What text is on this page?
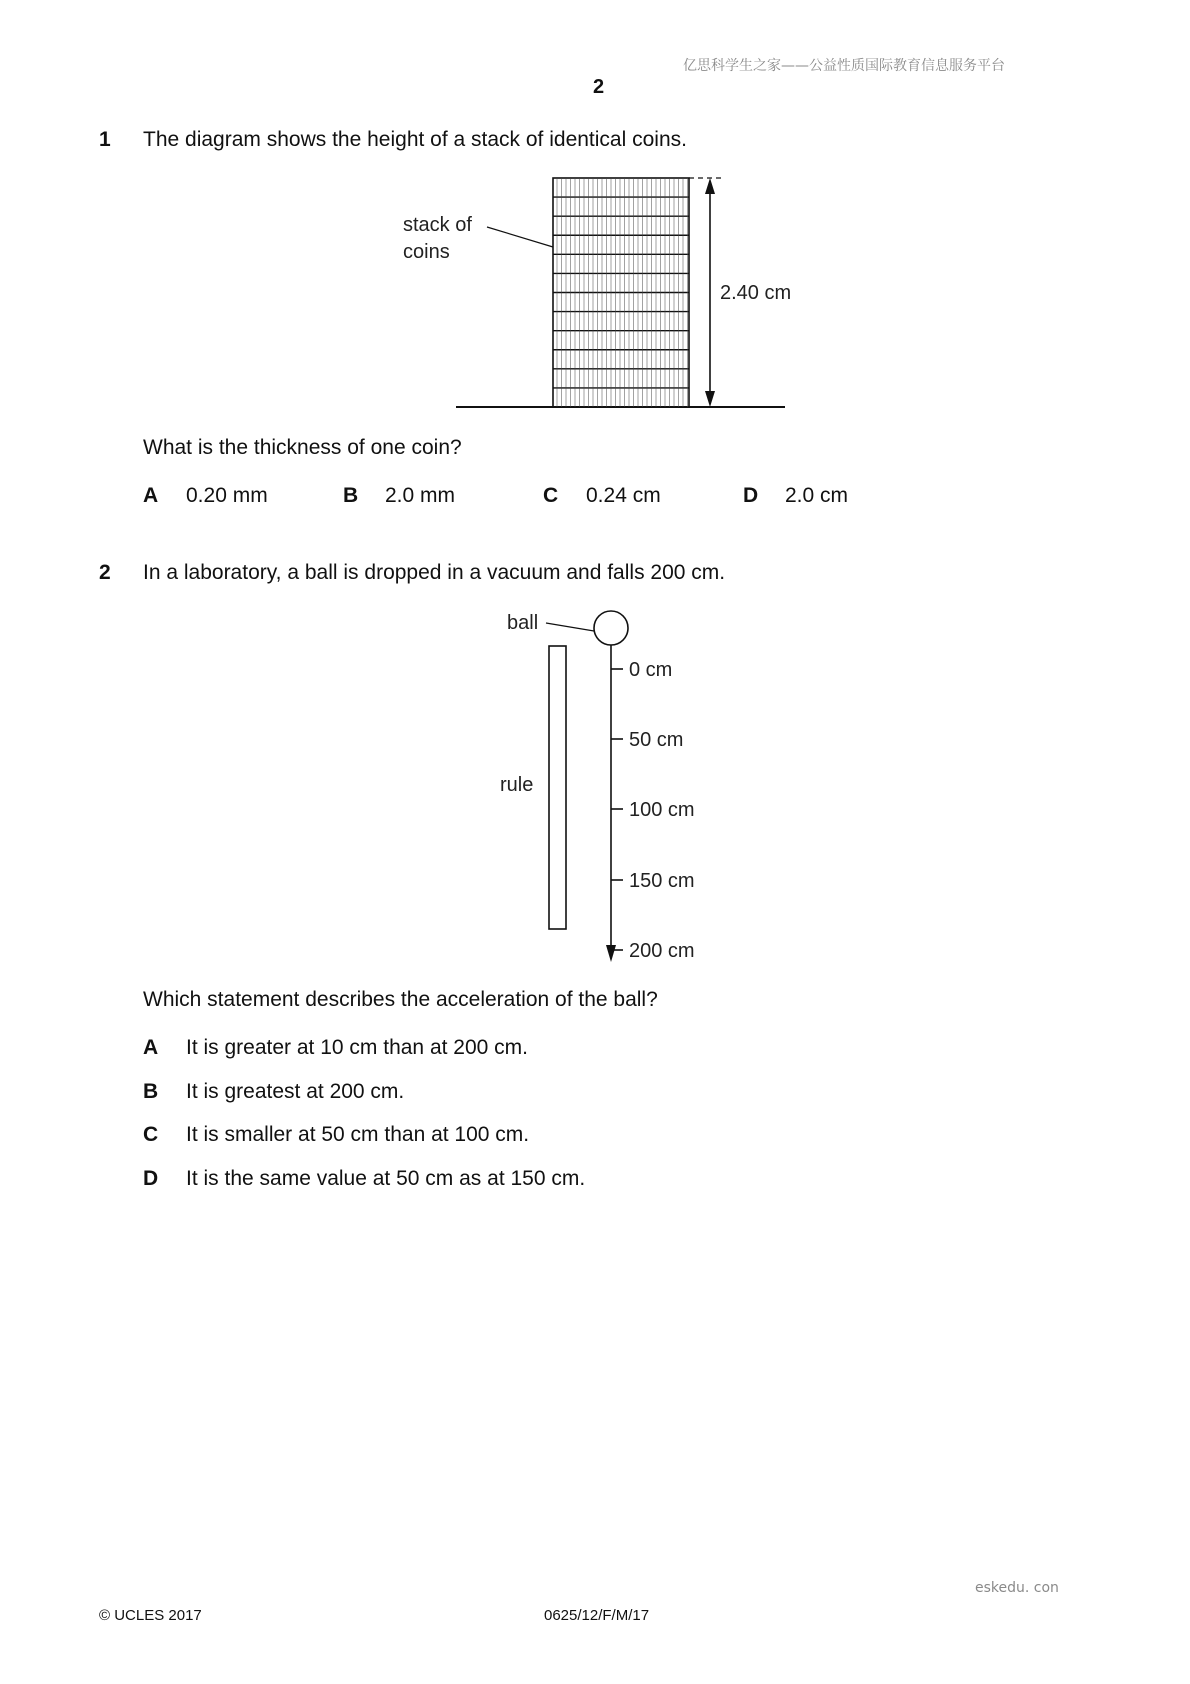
亿思科学生之家——公益性质国际教育信息服务平台
2
1 The diagram shows the height of a stack of identical coins.
stack of
coins
2.40 cm
What is the thickness of one coin?
A 0.20 mm	B 2.0 mm	C 0.24 cm	D 2.0 cm
2 In a laboratory, a ball is dropped in a vacuum and falls 200 cm.
ball
rule
0 cm
50 cm
100 cm
150 cm
200 cm
Which statement describes the acceleration of the ball?
A It is greater at 10 cm than at 200 cm.
B It is greatest at 200 cm.
C It is smaller at 50 cm than at 100 cm.
D It is the same value at 50 cm as at 150 cm.
eskedu. con
© UCLES 2017	0625/12/F/M/17
